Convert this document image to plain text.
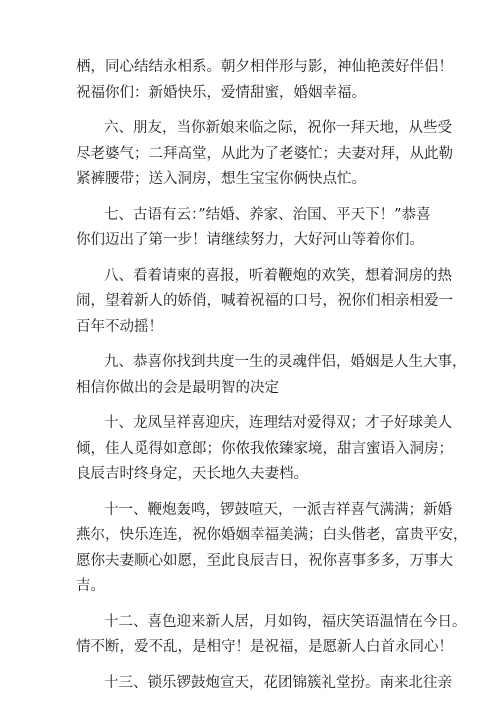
栖，同心结结永相系。朝夕相伴形与影，神仙艳羡好伴侣！
祝福你们：新婚快乐，爱情甜蜜，婚姻幸福。
六、朋友，当你新娘来临之际，祝你一拜天地，从些受
尽老婆气；二拜高堂，从此为了老婆忙；夫妻对拜，从此勒
紧裤腰带；送入洞房，想生宝宝你俩快点忙。
七、古语有云：”结婚、养家、治国、平天下！”恭喜
你们迈出了第一步！请继续努力，大好河山等着你们。
八、看着请柬的喜报，听着鞭炮的欢笑，想着洞房的热
闹，望着新人的娇俏，喊着祝福的口号，祝你们相亲相爱一
百年不动摇！
九、恭喜你找到共度一生的灵魂伴侣，婚姻是人生大事，
相信你做出的会是最明智的决定
十、龙凤呈祥喜迎庆，连理结对爱得双；才子好球美人
倾，佳人觅得如意郎；你侬我侬臻家境，甜言蜜语入洞房；
良辰吉时终身定，天长地久夫妻档。
十一、鞭炮轰鸣，锣鼓喧天，一派吉祥喜气满满；新婚
燕尔，快乐连连，祝你婚姻幸福美满；白头偕老，富贵平安，
愿你夫妻顺心如愿，至此良辰吉日，祝你喜事多多，万事大
吉。
十二、喜色迎来新人居，月如钩，福庆笑语温情在今日。
情不断，爱不乱，是相守！是祝福，是愿新人白首永同心！
十三、锁乐锣鼓炮宣天，花团锦簇礼堂扮。南来北往亲
